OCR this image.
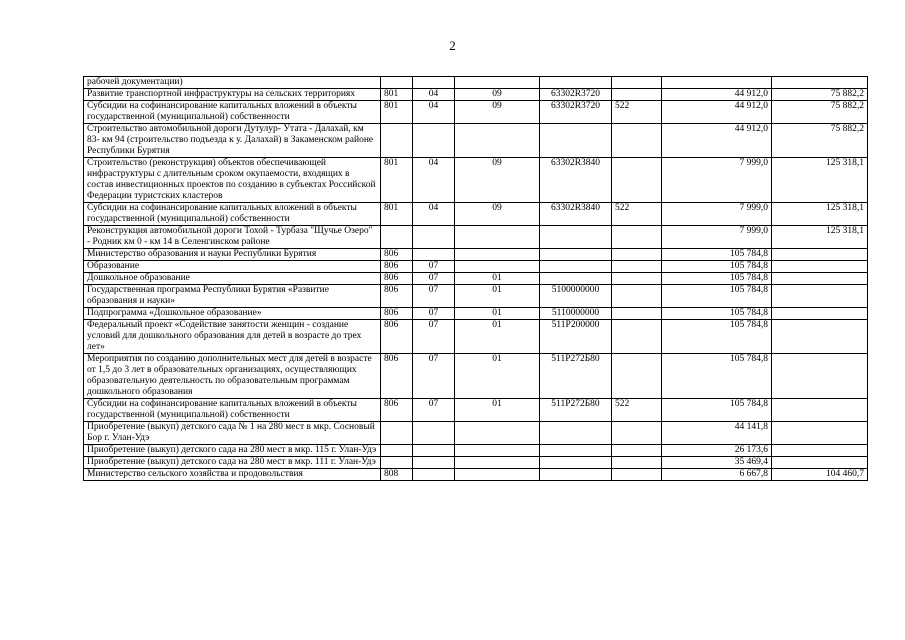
2
рабочей документации)							
Развитие транспортной инфраструктуры на сельских территориях	801	04	09	63302R3720		44 912,0	75 882,2
Субсидии на софинансирование капитальных вложений в объекты государственной (муниципальной) собственности	801	04	09	63302R3720	522	44 912,0	75 882,2
Строительство автомобильной дороги Дутулур- Утата - Далахай, км 83- км 94 (строительство подъезда к у. Далахай) в Закаменском районе Республики Бурятия						44 912,0	75 882,2
Строительство (реконструкция) объектов обеспечивающей инфраструктуры с длительным сроком окупаемости, входящих в состав инвестиционных проектов по созданию в субъектах Российской Федерации туристских кластеров	801	04	09	63302R3840		7 999,0	125 318,1
Субсидии на софинансирование капитальных вложений в объекты государственной (муниципальной) собственности	801	04	09	63302R3840	522	7 999,0	125 318,1
Реконструкция автомобильной дороги Тохой - Турбаза "Щучье Озеро" - Родник км 0 - км 14 в Селенгинском районе						7 999,0	125 318,1
Министерство образования и науки Республики Бурятия	806					105 784,8	
Образование	806	07				105 784,8	
Дошкольное образование	806	07	01			105 784,8	
Государственная программа Республики Бурятия «Развитие образования и науки»	806	07	01	5100000000		105 784,8	
Подпрограмма «Дошкольное образование»	806	07	01	5110000000		105 784,8	
Федеральный проект «Содействие занятости женщин - создание условий для дошкольного образования для детей в возрасте до трех лет»	806	07	01	511P200000		105 784,8	
Мероприятия по созданию дополнительных мест для детей в возрасте от 1,5 до 3 лет в образовательных организациях, осуществляющих образовательную деятельность по образовательным программам дошкольного образования	806	07	01	511P272Б80		105 784,8	
Субсидии на софинансирование капитальных вложений в объекты государственной (муниципальной) собственности	806	07	01	511P272Б80	522	105 784,8	
Приобретение (выкуп) детского сада № 1 на 280 мест в мкр. Сосновый Бор г. Улан-Удэ						44 141,8	
Приобретение (выкуп) детского сада на 280 мест в мкр. 115 г. Улан-Удэ						26 173,6	
Приобретение (выкуп) детского сада на 280 мест в мкр. 111 г. Улан-Удэ						35 469,4	
Министерство сельского хозяйства и продовольствия	808					6 667,8	104 460,7
